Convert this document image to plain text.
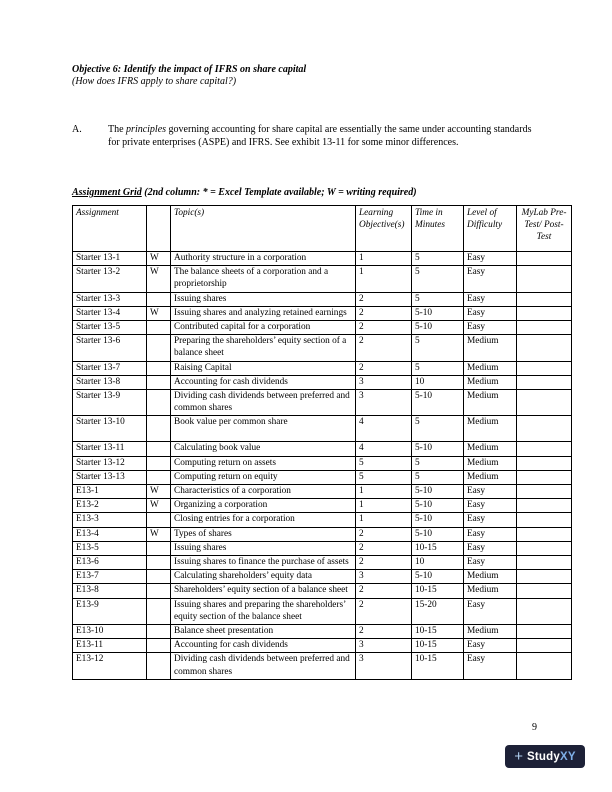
Objective 6: Identify the impact of IFRS on share capital
(How does IFRS apply to share capital?)
A.	The principles governing accounting for share capital are essentially the same under accounting standards for private enterprises (ASPE) and IFRS. See exhibit 13-11 for some minor differences.
Assignment Grid (2nd column: * = Excel Template available; W = writing required)
Assignment		Topic(s)	Learning Objective(s)	Time in Minutes	Level of Difficulty	MyLab Pre-Test/ Post-Test
Starter 13-1	W	Authority structure in a corporation	1	5	Easy	
Starter 13-2	W	The balance sheets of a corporation and a proprietorship	1	5	Easy	
Starter 13-3		Issuing shares	2	5	Easy	
Starter 13-4	W	Issuing shares and analyzing retained earnings	2	5-10	Easy	
Starter 13-5		Contributed capital for a corporation	2	5-10	Easy	
Starter 13-6		Preparing the shareholders’ equity section of a balance sheet	2	5	Medium	
Starter 13-7		Raising Capital	2	5	Medium	
Starter 13-8		Accounting for cash dividends	3	10	Medium	
Starter 13-9		Dividing cash dividends between preferred and common shares	3	5-10	Medium	
Starter 13-10		Book value per common share	4	5	Medium	
Starter 13-11		Calculating book value	4	5-10	Medium	
Starter 13-12		Computing return on assets	5	5	Medium	
Starter 13-13		Computing return on equity	5	5	Medium	
E13-1	W	Characteristics of a corporation	1	5-10	Easy	
E13-2	W	Organizing a corporation	1	5-10	Easy	
E13-3		Closing entries for a corporation	1	5-10	Easy	
E13-4	W	Types of shares	2	5-10	Easy	
E13-5		Issuing shares	2	10-15	Easy	
E13-6		Issuing shares to finance the purchase of assets	2	10	Easy	
E13-7		Calculating shareholders’ equity data	3	5-10	Medium	
E13-8		Shareholders’ equity section of a balance sheet	2	10-15	Medium	
E13-9		Issuing shares and preparing the shareholders’ equity section of the balance sheet	2	15-20	Easy	
E13-10		Balance sheet presentation	2	10-15	Medium	
E13-11		Accounting for cash dividends	3	10-15	Easy	
E13-12		Dividing cash dividends between preferred and common shares	3	10-15	Easy	
9
+ Study XY
